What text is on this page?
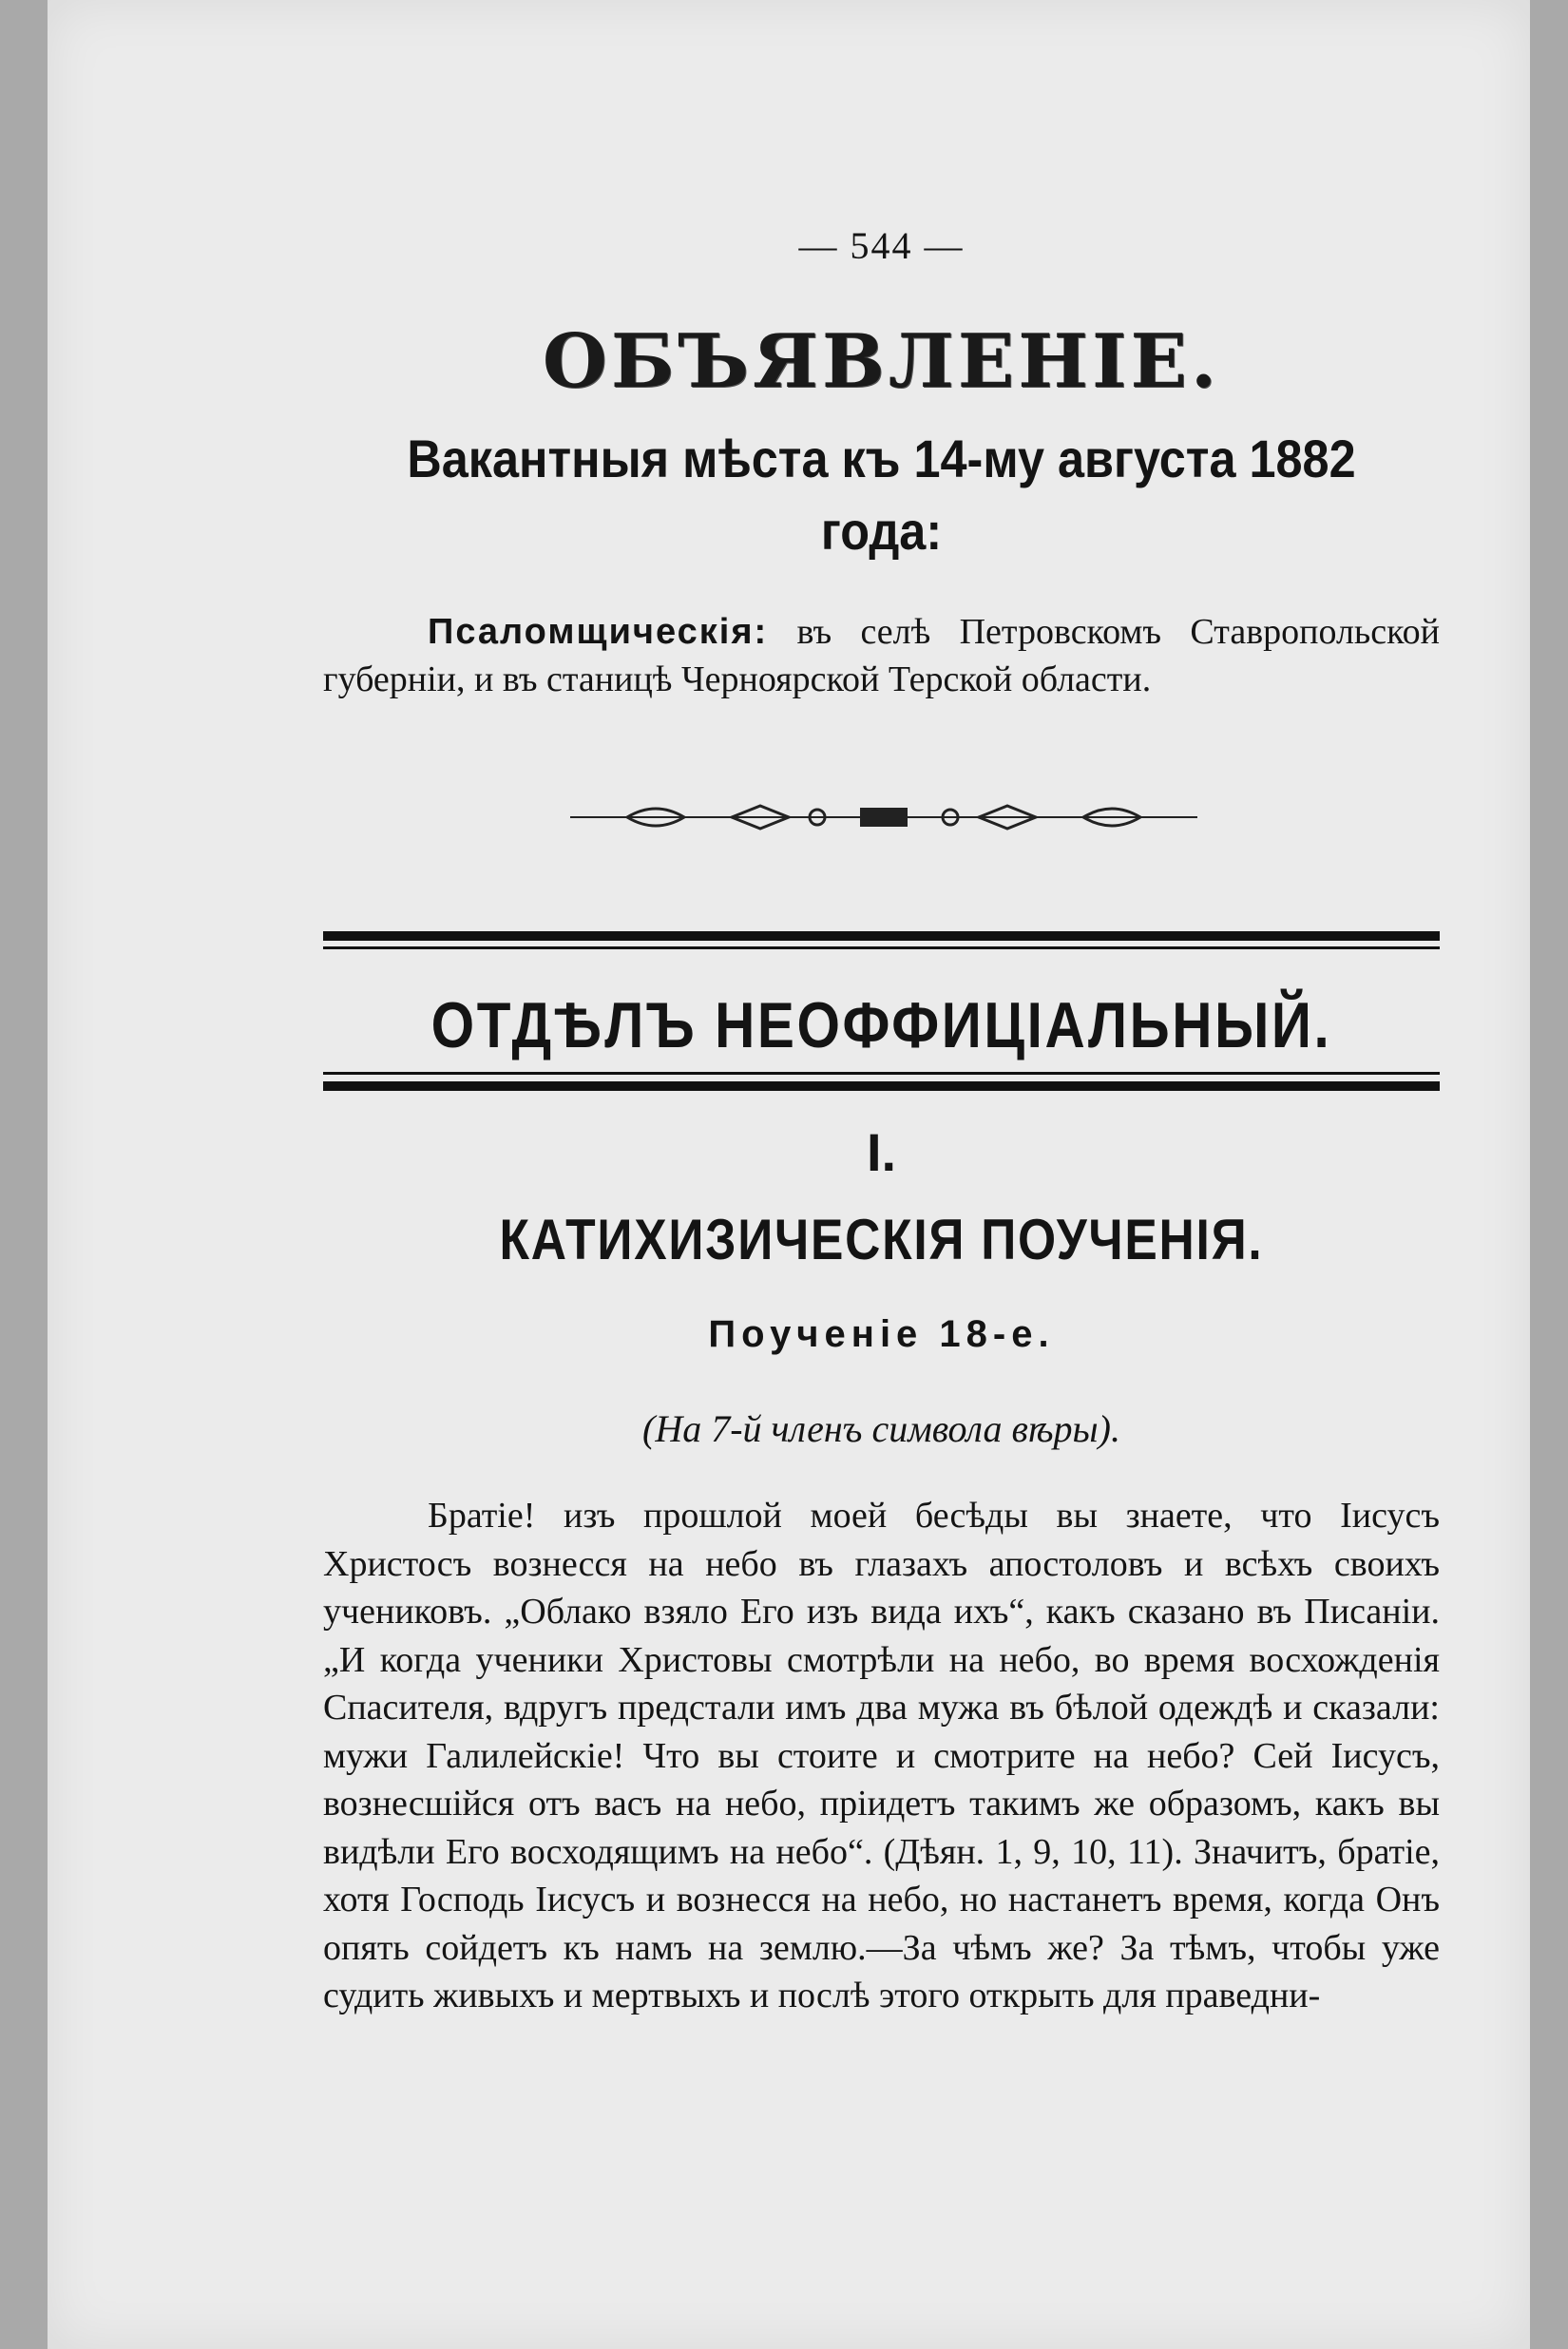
— 544 —
ОБЪЯВЛЕНІЕ.
Вакантныя мѣста къ 14-му августа 1882 года:
Псаломщическія: въ селѣ Петровскомъ Ставропольской губерніи, и въ станицѣ Черноярской Терской области.
ОТДѢЛЪ НЕОФФИЦІАЛЬНЫЙ.
I.
КАТИХИЗИЧЕСКІЯ ПОУЧЕНІЯ.
Поученіе 18-е.
(На 7-й членъ символа вѣры).
Братіе! изъ прошлой моей бесѣды вы знаете, что Іисусъ Христосъ вознесся на небо въ глазахъ апостоловъ и всѣхъ своихъ учениковъ. „Облако взяло Его изъ вида ихъ“, какъ сказано въ Писаніи. „И когда ученики Христовы смотрѣли на небо, во время восхожденія Спасителя, вдругъ предстали имъ два мужа въ бѣлой одеждѣ и сказали: мужи Галилейскіе! Что вы стоите и смотрите на небо? Сей Іисусъ, вознесшійся отъ васъ на небо, пріидетъ такимъ же образомъ, какъ вы видѣли Его восходящимъ на небо“. (Дѣян. 1, 9, 10, 11). Значитъ, братіе, хотя Господь Іисусъ и вознесся на небо, но настанетъ время, когда Онъ опять сойдетъ къ намъ на землю.—За чѣмъ же? За тѣмъ, чтобы уже судить живыхъ и мертвыхъ и послѣ этого открыть для праведни-
